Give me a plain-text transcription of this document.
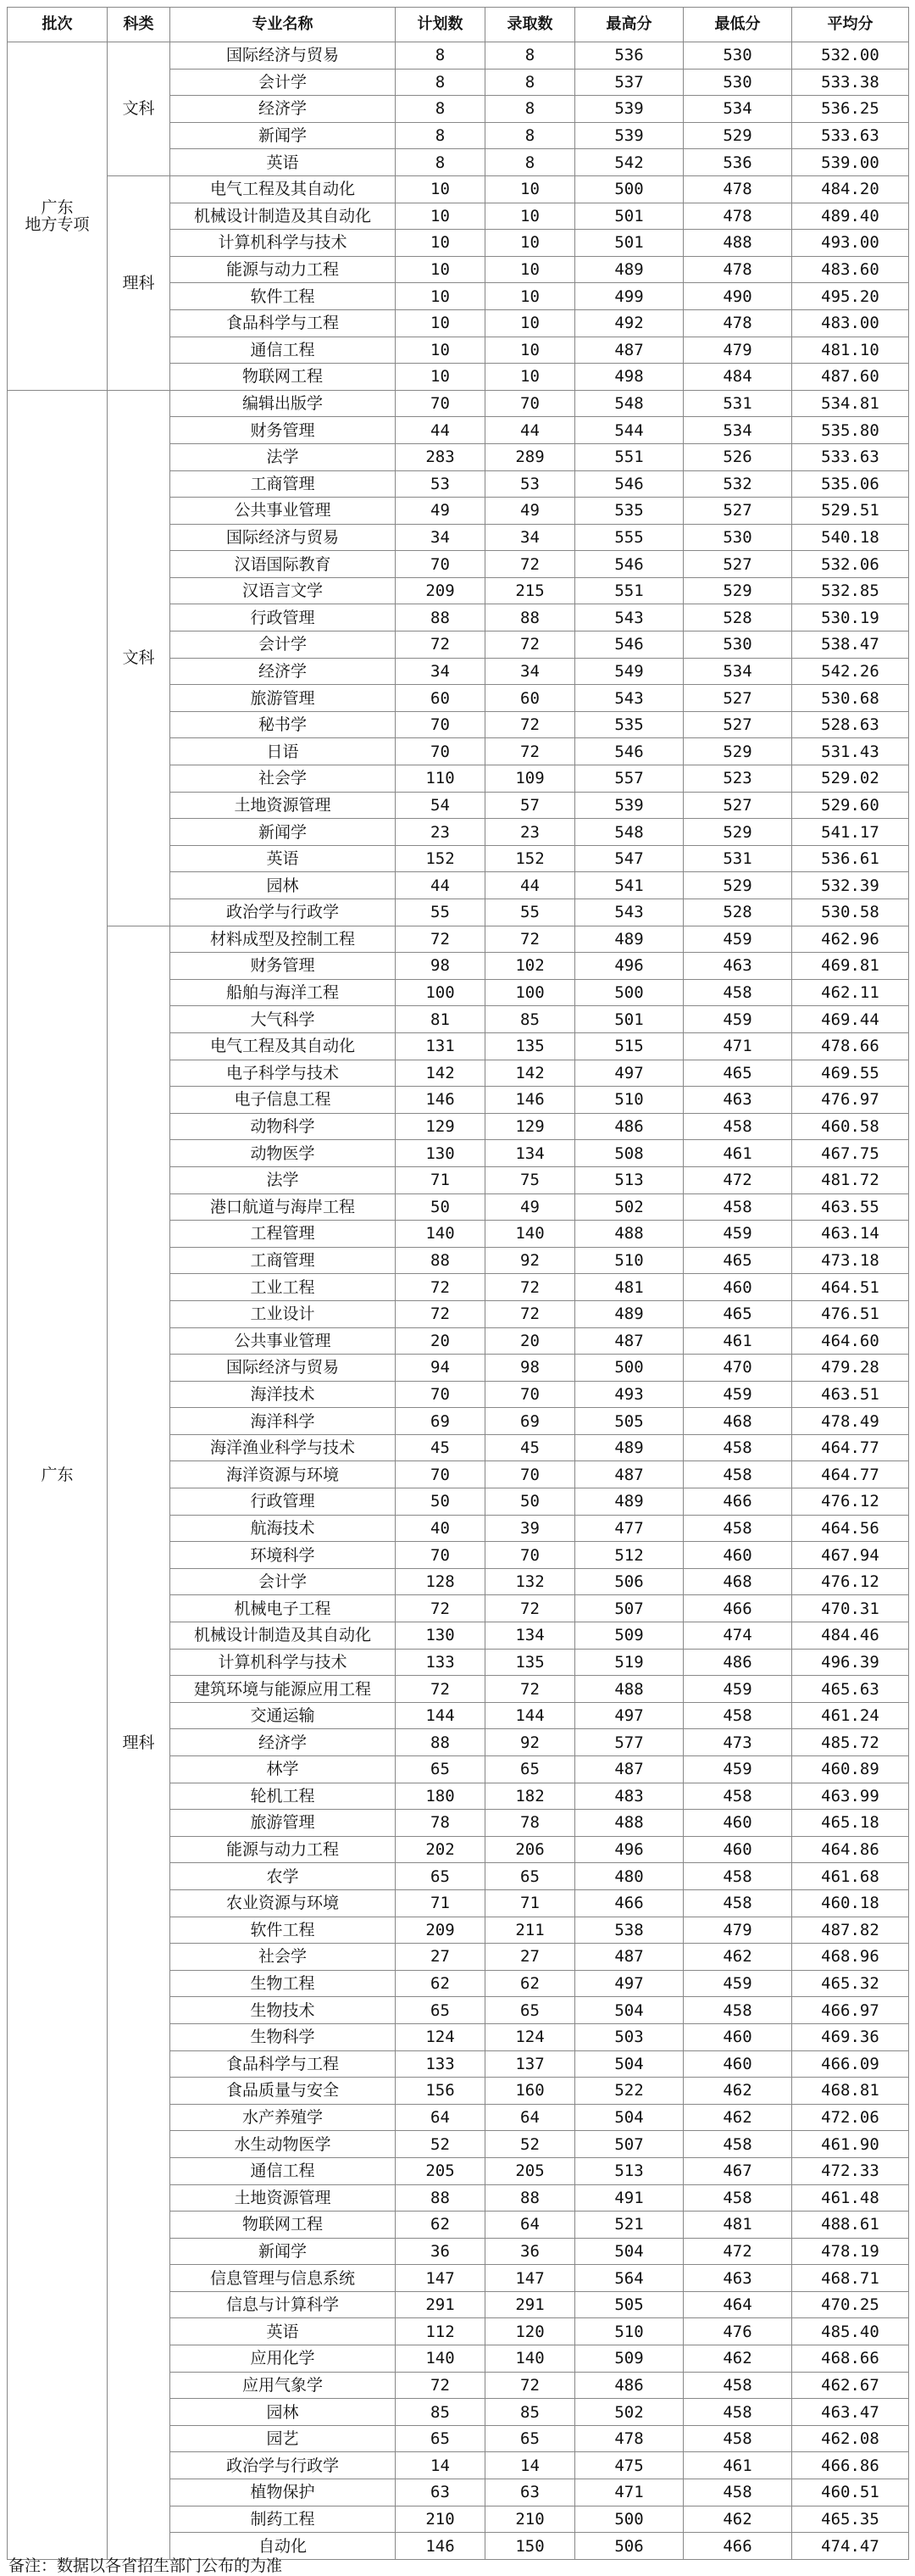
批次	科类	专业名称	计划数	录取数	最高分	最低分	平均分
广东
地方专项	文科	国际经济与贸易	8	8	536	530	532.00
		会计学	8	8	537	530	533.38
		经济学	8	8	539	534	536.25
		新闻学	8	8	539	529	533.63
		英语	8	8	542	536	539.00
	理科	电气工程及其自动化	10	10	500	478	484.20
		机械设计制造及其自动化	10	10	501	478	489.40
		计算机科学与技术	10	10	501	488	493.00
		能源与动力工程	10	10	489	478	483.60
		软件工程	10	10	499	490	495.20
		食品科学与工程	10	10	492	478	483.00
		通信工程	10	10	487	479	481.10
		物联网工程	10	10	498	484	487.60
广东	文科	编辑出版学	70	70	548	531	534.81
		财务管理	44	44	544	534	535.80
		法学	283	289	551	526	533.63
		工商管理	53	53	546	532	535.06
		公共事业管理	49	49	535	527	529.51
		国际经济与贸易	34	34	555	530	540.18
		汉语国际教育	70	72	546	527	532.06
		汉语言文学	209	215	551	529	532.85
		行政管理	88	88	543	528	530.19
		会计学	72	72	546	530	538.47
		经济学	34	34	549	534	542.26
		旅游管理	60	60	543	527	530.68
		秘书学	70	72	535	527	528.63
		日语	70	72	546	529	531.43
		社会学	110	109	557	523	529.02
		土地资源管理	54	57	539	527	529.60
		新闻学	23	23	548	529	541.17
		英语	152	152	547	531	536.61
		园林	44	44	541	529	532.39
		政治学与行政学	55	55	543	528	530.58
	理科	材料成型及控制工程	72	72	489	459	462.96
		财务管理	98	102	496	463	469.81
		船舶与海洋工程	100	100	500	458	462.11
		大气科学	81	85	501	459	469.44
		电气工程及其自动化	131	135	515	471	478.66
		电子科学与技术	142	142	497	465	469.55
		电子信息工程	146	146	510	463	476.97
		动物科学	129	129	486	458	460.58
		动物医学	130	134	508	461	467.75
		法学	71	75	513	472	481.72
		港口航道与海岸工程	50	49	502	458	463.55
		工程管理	140	140	488	459	463.14
		工商管理	88	92	510	465	473.18
		工业工程	72	72	481	460	464.51
		工业设计	72	72	489	465	476.51
		公共事业管理	20	20	487	461	464.60
		国际经济与贸易	94	98	500	470	479.28
		海洋技术	70	70	493	459	463.51
		海洋科学	69	69	505	468	478.49
		海洋渔业科学与技术	45	45	489	458	464.77
		海洋资源与环境	70	70	487	458	464.77
		行政管理	50	50	489	466	476.12
		航海技术	40	39	477	458	464.56
		环境科学	70	70	512	460	467.94
		会计学	128	132	506	468	476.12
		机械电子工程	72	72	507	466	470.31
		机械设计制造及其自动化	130	134	509	474	484.46
		计算机科学与技术	133	135	519	486	496.39
		建筑环境与能源应用工程	72	72	488	459	465.63
		交通运输	144	144	497	458	461.24
		经济学	88	92	577	473	485.72
		林学	65	65	487	459	460.89
		轮机工程	180	182	483	458	463.99
		旅游管理	78	78	488	460	465.18
		能源与动力工程	202	206	496	460	464.86
		农学	65	65	480	458	461.68
		农业资源与环境	71	71	466	458	460.18
		软件工程	209	211	538	479	487.82
		社会学	27	27	487	462	468.96
		生物工程	62	62	497	459	465.32
		生物技术	65	65	504	458	466.97
		生物科学	124	124	503	460	469.36
		食品科学与工程	133	137	504	460	466.09
		食品质量与安全	156	160	522	462	468.81
		水产养殖学	64	64	504	462	472.06
		水生动物医学	52	52	507	458	461.90
		通信工程	205	205	513	467	472.33
		土地资源管理	88	88	491	458	461.48
		物联网工程	62	64	521	481	488.61
		新闻学	36	36	504	472	478.19
		信息管理与信息系统	147	147	564	463	468.71
		信息与计算科学	291	291	505	464	470.25
		英语	112	120	510	476	485.40
		应用化学	140	140	509	462	468.66
		应用气象学	72	72	486	458	462.67
		园林	85	85	502	458	463.47
		园艺	65	65	478	458	462.08
		政治学与行政学	14	14	475	461	466.86
		植物保护	63	63	471	458	460.51
		制药工程	210	210	500	462	465.35
		自动化	146	150	506	466	474.47
备注：数据以各省招生部门公布的为准
